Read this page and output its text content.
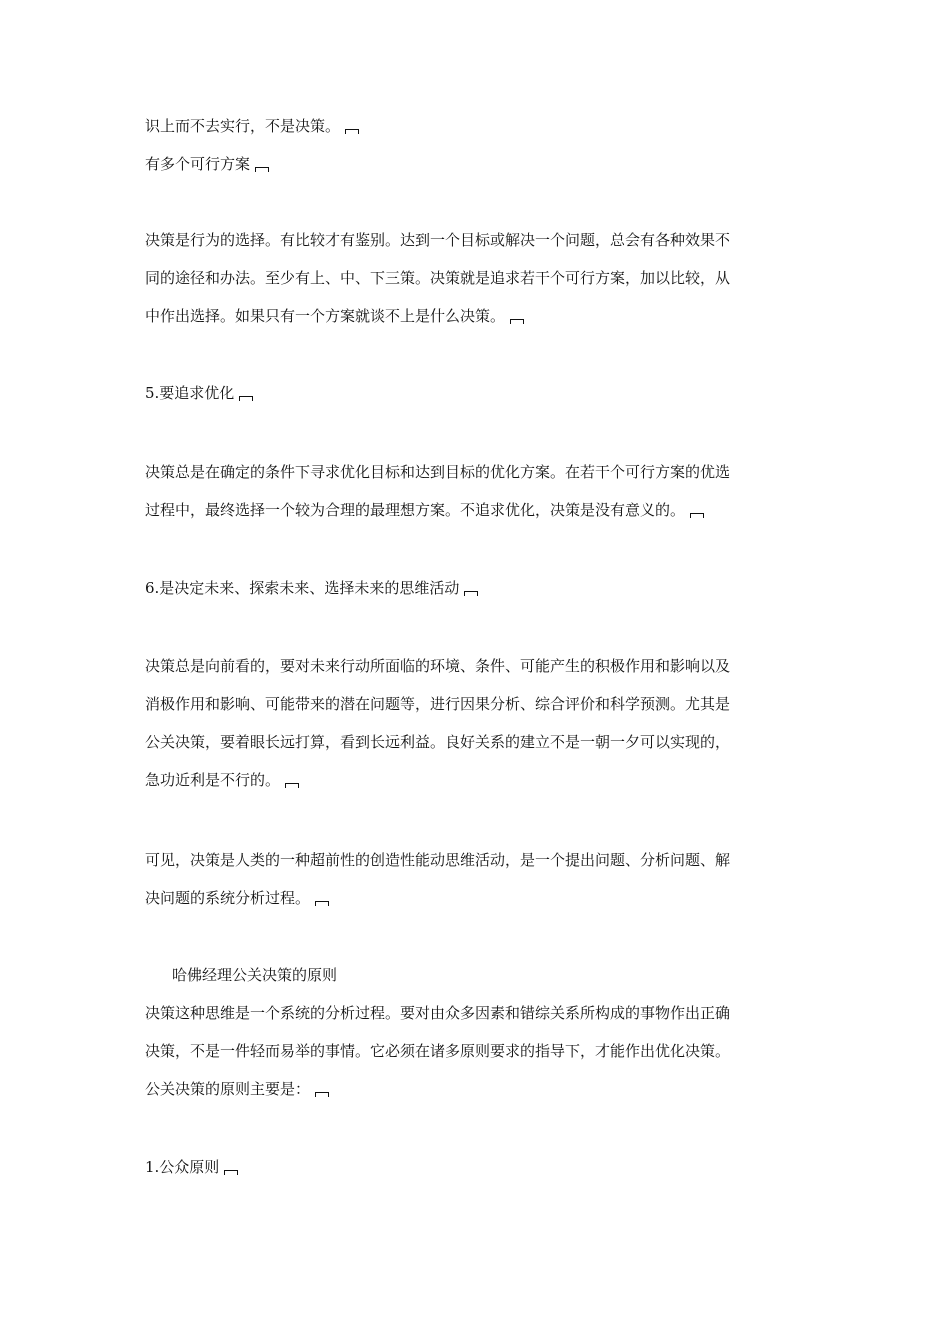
识上而不去实行，不是决策。
有多个可行方案
决策是行为的选择。有比较才有鉴别。达到一个目标或解决一个问题，总会有各种效果不
同的途径和办法。至少有上、中、下三策。决策就是追求若干个可行方案，加以比较，从
中作出选择。如果只有一个方案就谈不上是什么决策。
5.要追求优化
决策总是在确定的条件下寻求优化目标和达到目标的优化方案。在若干个可行方案的优选
过程中，最终选择一个较为合理的最理想方案。不追求优化，决策是没有意义的。
6.是决定未来、探索未来、选择未来的思维活动
决策总是向前看的，要对未来行动所面临的环境、条件、可能产生的积极作用和影响以及
消极作用和影响、可能带来的潜在问题等，进行因果分析、综合评价和科学预测。尤其是
公关决策，要着眼长远打算，看到长远利益。良好关系的建立不是一朝一夕可以实现的，
急功近利是不行的。
可见，决策是人类的一种超前性的创造性能动思维活动，是一个提出问题、分析问题、解
决问题的系统分析过程。
哈佛经理公关决策的原则
决策这种思维是一个系统的分析过程。要对由众多因素和错综关系所构成的事物作出正确
决策，不是一件轻而易举的事情。它必须在诸多原则要求的指导下，才能作出优化决策。
公关决策的原则主要是：
1.公众原则
